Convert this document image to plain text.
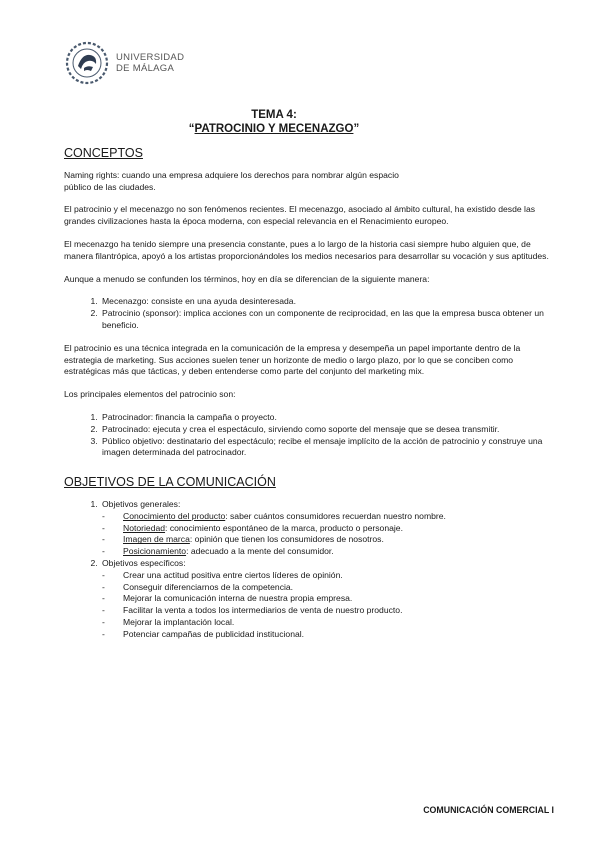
UNIVERSIDAD
DE MÁLAGA
TEMA 4:
“PATROCINIO Y MECENAZGO”
CONCEPTOS

Naming rights: cuando una empresa adquiere los derechos para nombrar algún espacio
público de las ciudades.

El patrocinio y el mecenazgo no son fenómenos recientes. El mecenazgo, asociado al ámbito cultural, ha existido desde las grandes civilizaciones hasta la época moderna, con especial relevancia en el Renacimiento europeo.

El mecenazgo ha tenido siempre una presencia constante, pues a lo largo de la historia casi siempre hubo alguien que, de manera filantrópica, apoyó a los artistas proporcionándoles los medios necesarios para desarrollar su vocación y sus aptitudes.

Aunque a menudo se confunden los términos, hoy en día se diferencian de la siguiente manera:

1. Mecenazgo: consiste en una ayuda desinteresada.
2. Patrocinio (sponsor): implica acciones con un componente de reciprocidad, en las que la empresa busca obtener un beneficio.

El patrocinio es una técnica integrada en la comunicación de la empresa y desempeña un papel importante dentro de la estrategia de marketing. Sus acciones suelen tener un horizonte de medio o largo plazo, por lo que se conciben como estratégicas más que tácticas, y deben entenderse como parte del conjunto del marketing mix.

Los principales elementos del patrocinio son:

1. Patrocinador: financia la campaña o proyecto.
2. Patrocinado: ejecuta y crea el espectáculo, sirviendo como soporte del mensaje que se desea transmitir.
3. Público objetivo: destinatario del espectáculo; recibe el mensaje implícito de la acción de patrocinio y construye una imagen determinada del patrocinador.
OBJETIVOS DE LA COMUNICACIÓN
1. Objetivos generales:
- Conocimiento del producto: saber cuántos consumidores recuerdan nuestro nombre.
- Notoriedad: conocimiento espontáneo de la marca, producto o personaje.
- Imagen de marca: opinión que tienen los consumidores de nosotros.
- Posicionamiento: adecuado a la mente del consumidor.
2. Objetivos específicos:
- Crear una actitud positiva entre ciertos líderes de opinión.
- Conseguir diferenciarnos de la competencia.
- Mejorar la comunicación interna de nuestra propia empresa.
- Facilitar la venta a todos los intermediarios de venta de nuestro producto.
- Mejorar la implantación local.
- Potenciar campañas de publicidad institucional.
COMUNICACIÓN COMERCIAL I
